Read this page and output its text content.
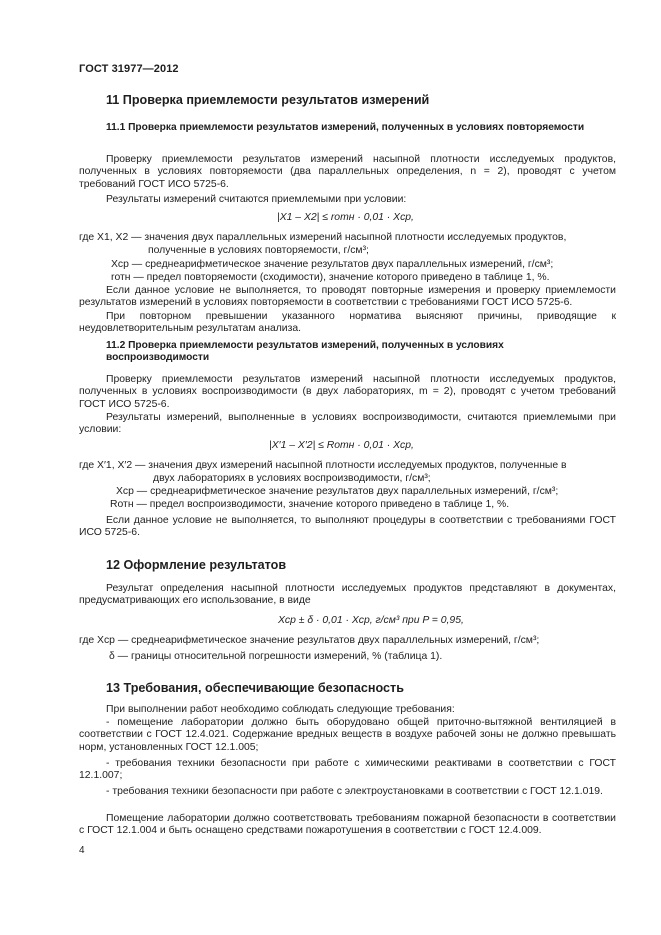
ГОСТ 31977—2012
11 Проверка приемлемости результатов измерений
11.1 Проверка приемлемости результатов измерений, полученных в условиях повторяемости
Проверку приемлемости результатов измерений насыпной плотности исследуемых продуктов, полученных в условиях повторяемости (два параллельных определения, n = 2), проводят с учетом требований ГОСТ ИСО 5725-6.
Результаты измерений считаются приемлемыми при условии:
|X1 – X2| ≤ rотн · 0,01 · Xср,
где X1, X2 — значения двух параллельных измерений насыпной плотности исследуемых продуктов,
полученные в условиях повторяемости, г/см³;
Xср — среднеарифметическое значение результатов двух параллельных измерений, г/см³;
rотн — предел повторяемости (сходимости), значение которого приведено в таблице 1, %.
Если данное условие не выполняется, то проводят повторные измерения и проверку приемлемости результатов измерений в условиях повторяемости в соответствии с требованиями ГОСТ ИСО 5725-6.
При повторном превышении указанного норматива выясняют причины, приводящие к неудовлетворительным результатам анализа.
11.2 Проверка приемлемости результатов измерений, полученных в условиях воспроизводимости
Проверку приемлемости результатов измерений насыпной плотности исследуемых продуктов, полученных в условиях воспроизводимости (в двух лабораториях, m = 2), проводят с учетом требований ГОСТ ИСО 5725-6.
Результаты измерений, выполненные в условиях воспроизводимости, считаются приемлемыми при условии:
|X′1 – X′2| ≤ Rотн · 0,01 · Xср,
где X′1, X′2 — значения двух измерений насыпной плотности исследуемых продуктов, полученные в
двух лабораториях в условиях воспроизводимости, г/см³;
Xср — среднеарифметическое значение результатов двух параллельных измерений, г/см³;
Rотн — предел воспроизводимости, значение которого приведено в таблице 1, %.
Если данное условие не выполняется, то выполняют процедуры в соответствии с требованиями ГОСТ ИСО 5725-6.
12 Оформление результатов
Результат определения насыпной плотности исследуемых продуктов представляют в документах, предусматривающих его использование, в виде
Xср ± δ · 0,01 · Xср, г/см³ при P = 0,95,
где Xср — среднеарифметическое значение результатов двух параллельных измерений, г/см³;
δ — границы относительной погрешности измерений, % (таблица 1).
13 Требования, обеспечивающие безопасность
При выполнении работ необходимо соблюдать следующие требования:
- помещение лаборатории должно быть оборудовано общей приточно-вытяжной вентиляцией в соответствии с ГОСТ 12.4.021. Содержание вредных веществ в воздухе рабочей зоны не должно превышать норм, установленных ГОСТ 12.1.005;
- требования техники безопасности при работе с химическими реактивами в соответствии с ГОСТ 12.1.007;
- требования техники безопасности при работе с электроустановками в соответствии с ГОСТ 12.1.019.
Помещение лаборатории должно соответствовать требованиям пожарной безопасности в соответствии с ГОСТ 12.1.004 и быть оснащено средствами пожаротушения в соответствии с ГОСТ 12.4.009.
4
